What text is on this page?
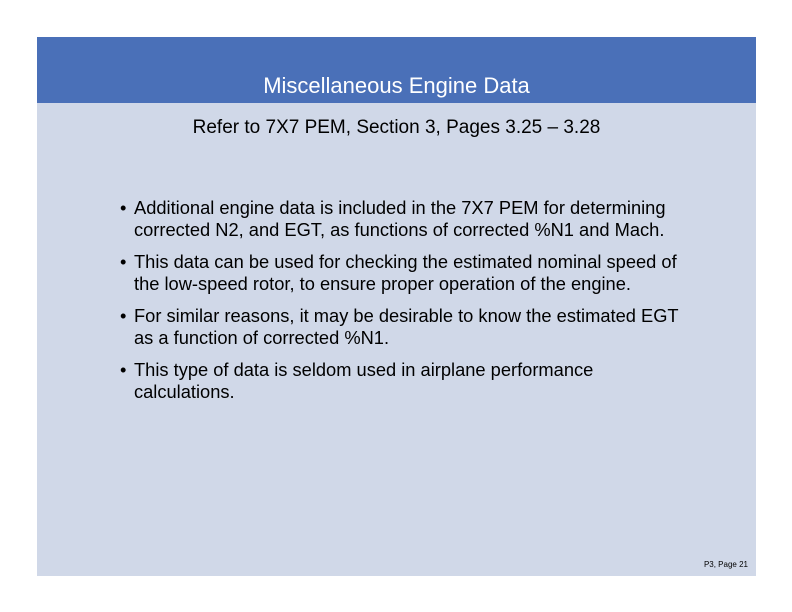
Miscellaneous Engine Data
Refer to 7X7 PEM, Section 3, Pages 3.25 – 3.28
• Additional engine data is included in the 7X7 PEM for determining corrected N2, and EGT, as functions of corrected %N1 and Mach.
• This data can be used for checking the estimated nominal speed of the low-speed rotor, to ensure proper operation of the engine.
• For similar reasons, it may be desirable to know the estimated EGT as a function of corrected %N1.
• This type of data is seldom used in airplane performance calculations.
P3, Page 21
